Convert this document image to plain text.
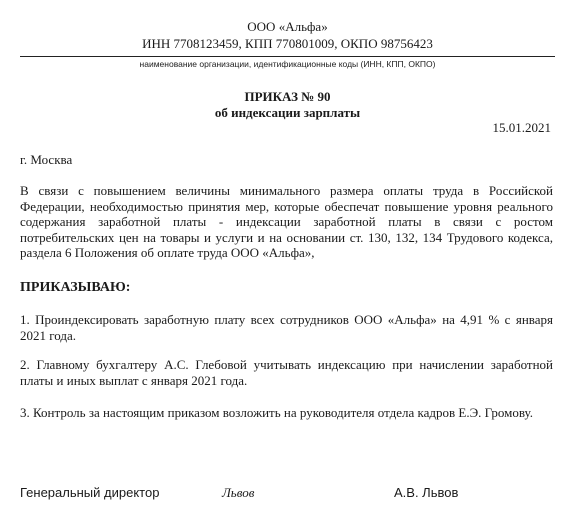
ООО «Альфа»
ИНН 7708123459, КПП 770801009, ОКПО 98756423
наименование организации, идентификационные коды (ИНН, КПП, ОКПО)
ПРИКАЗ № 90
об индексации зарплаты
15.01.2021
г. Москва
В связи с повышением величины минимального размера оплаты труда в Российской Федерации, необходимостью принятия мер, которые обеспечат повышение уровня реального содержания заработной платы - индексации заработной платы в связи с ростом потребительских цен на товары и услуги и на основании ст. 130, 132, 134 Трудового кодекса, раздела 6 Положения об оплате труда ООО «Альфа»,
ПРИКАЗЫВАЮ:
1. Проиндексировать заработную плату всех сотрудников ООО «Альфа» на 4,91 % с января 2021 года.
2. Главному бухгалтеру А.С. Глебовой учитывать индексацию при начислении заработной платы и иных выплат с января 2021 года.
3. Контроль за настоящим приказом возложить на руководителя отдела кадров Е.Э. Громову.
Генеральный директор	Львов	А.В. Львов
